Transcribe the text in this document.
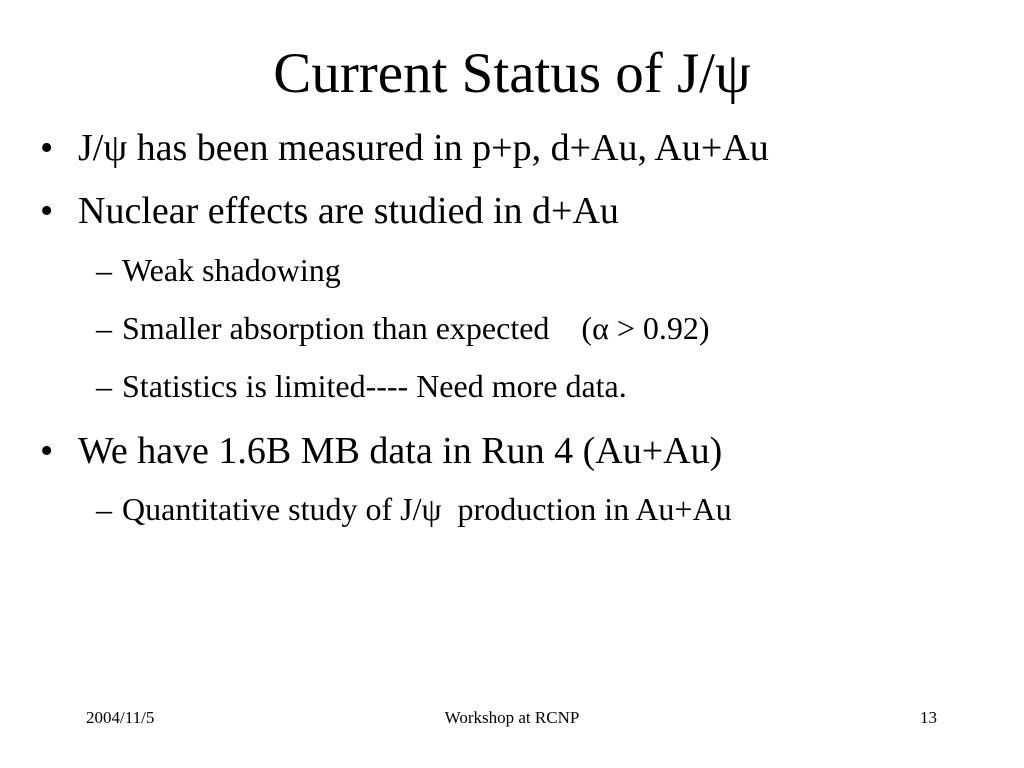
Current Status of J/ψ
• J/ψ has been measured in p+p, d+Au, Au+Au
• Nuclear effects are studied in d+Au
– Weak shadowing
– Smaller absorption than expected    (α > 0.92)
– Statistics is limited---- Need more data.
• We have 1.6B MB data in Run 4 (Au+Au)
– Quantitative study of J/ψ  production in Au+Au
2004/11/5	Workshop at RCNP	13
